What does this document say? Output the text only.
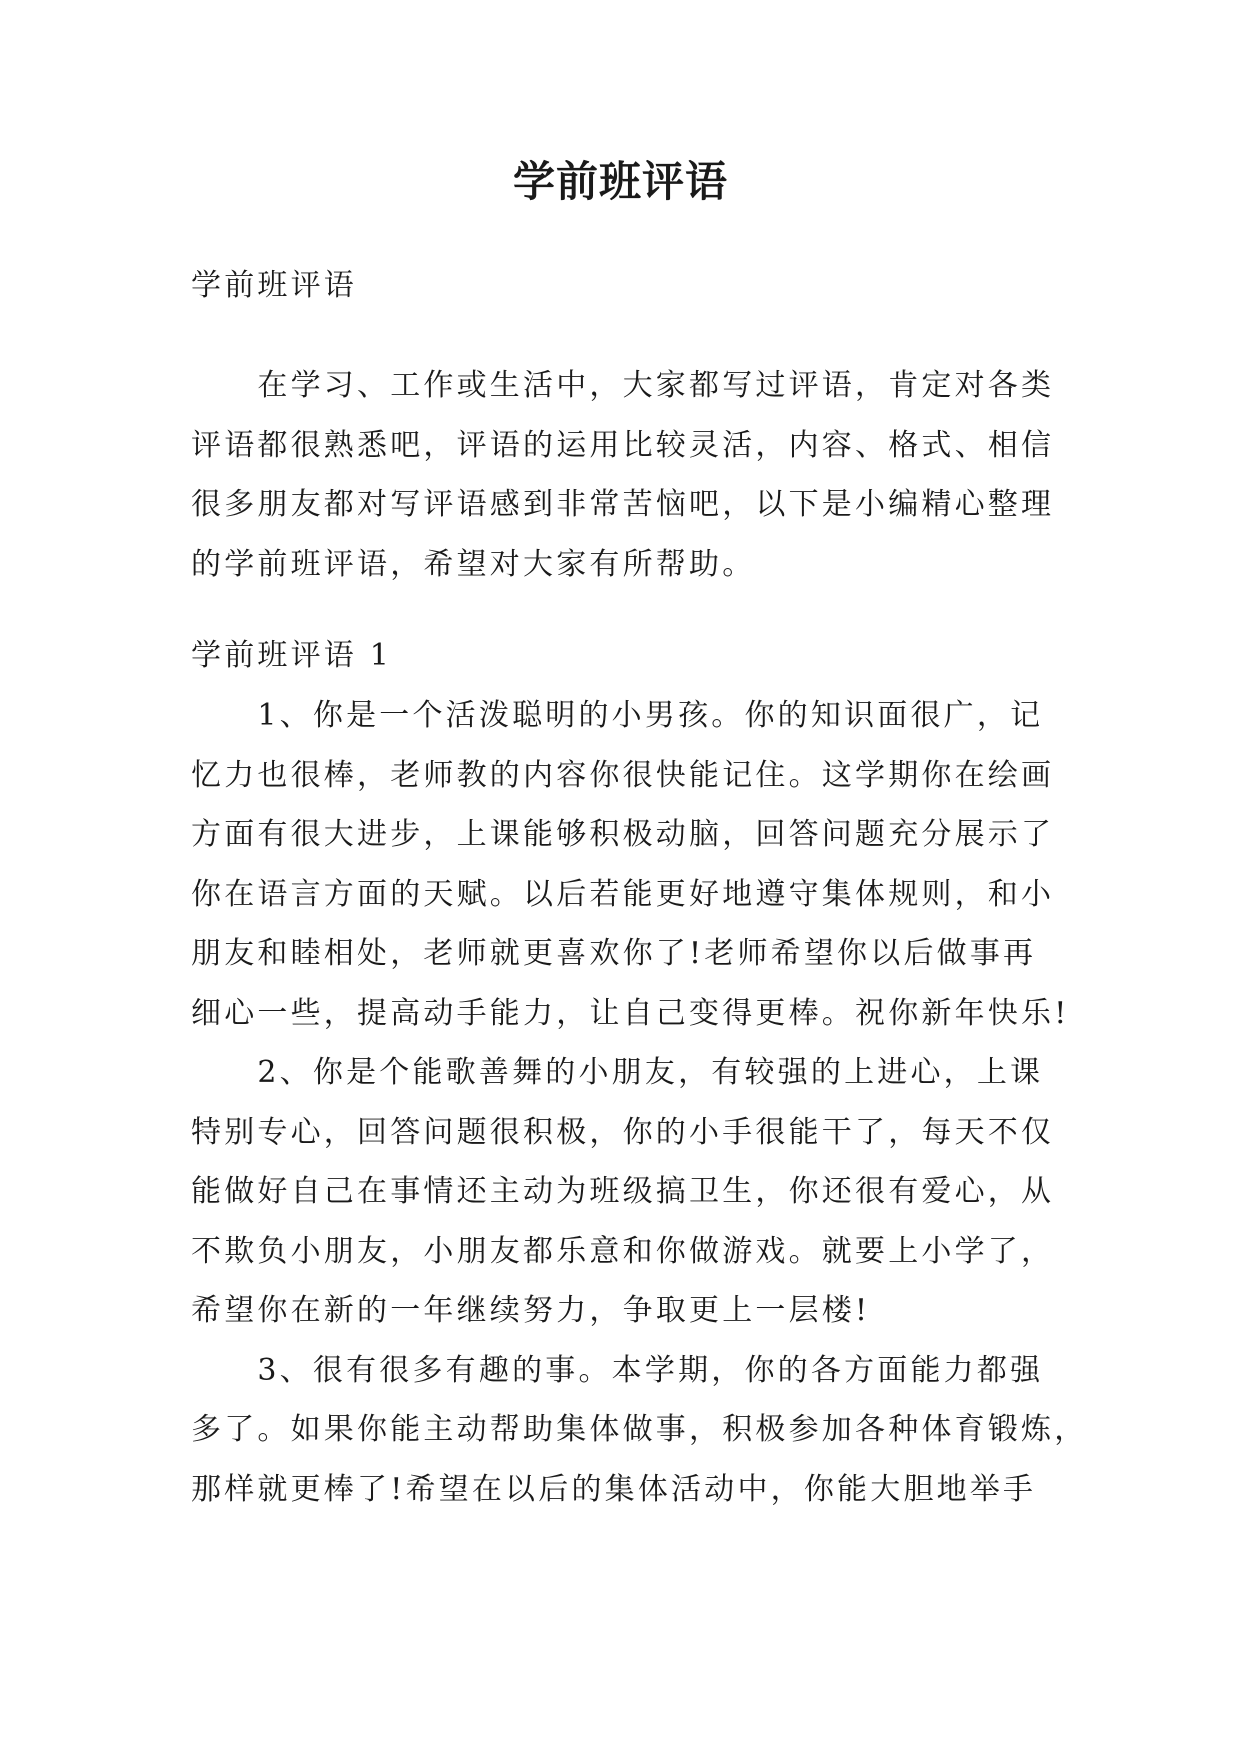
学前班评语
学前班评语
　　在学习、工作或生活中，大家都写过评语，肯定对各类
评语都很熟悉吧，评语的运用比较灵活，内容、格式、相信
很多朋友都对写评语感到非常苦恼吧，以下是小编精心整理
的学前班评语，希望对大家有所帮助。
学前班评语 1
　　1、你是一个活泼聪明的小男孩。你的知识面很广，记
忆力也很棒，老师教的内容你很快能记住。这学期你在绘画
方面有很大进步，上课能够积极动脑，回答问题充分展示了
你在语言方面的天赋。以后若能更好地遵守集体规则，和小
朋友和睦相处，老师就更喜欢你了!老师希望你以后做事再
细心一些，提高动手能力，让自己变得更棒。祝你新年快乐!
　　2、你是个能歌善舞的小朋友，有较强的上进心，上课
特别专心，回答问题很积极，你的小手很能干了，每天不仅
能做好自己在事情还主动为班级搞卫生，你还很有爱心，从
不欺负小朋友，小朋友都乐意和你做游戏。就要上小学了，
希望你在新的一年继续努力，争取更上一层楼!
　　3、很有很多有趣的事。本学期，你的各方面能力都强
多了。如果你能主动帮助集体做事，积极参加各种体育锻炼，
那样就更棒了!希望在以后的集体活动中，你能大胆地举手
